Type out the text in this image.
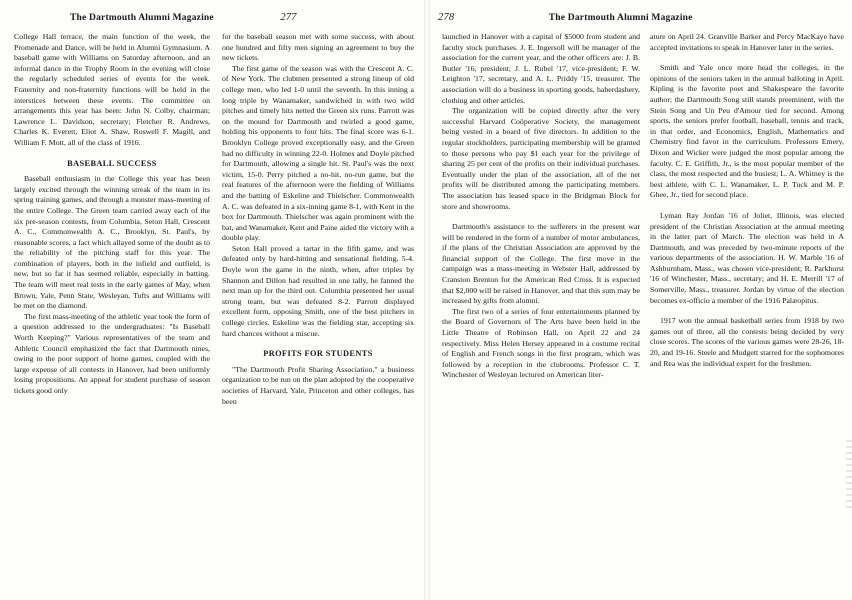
The Dartmouth Alumni Magazine	277

College Hall terrace, the main function of the week, the Promenade and Dance, will be held in Alumni Gymnasium. A baseball game with Williams on Saturday afternoon, and an informal dance in the Trophy Room in the evening will close the regularly scheduled series of events for the week. Fraternity and non-fraternity functions will be held in the interstices between these events. The committee on arrangements this year has been: John N. Colby, chairman; Lawrence L. Davidson, secretary; Fletcher R. Andrews, Charles K. Everett, Eliot A. Shaw, Roswell F. Magill, and William F. Mott, all of the class of 1916.

BASEBALL SUCCESS

Baseball enthusiasm in the College this year has been largely excited through the winning streak of the team in its spring training games, and through a monster mass-meeting of the entire College. The Green team carried away each of the six pre-season contests, from Columbia, Seton Hall, Crescent A. C., Commonwealth A. C., Brooklyn, St. Paul's, by reasonable scores, a fact which allayed some of the doubt as to the reliability of the pitching staff for this year. The combination of players, both in the infield and outfield, is new, but so far it has seemed reliable, especially in batting. The team will meet real tests in the early games of May, when Brown, Yale, Penn State, Wesleyan, Tufts and Williams will be met on the diamond.

The first mass-meeting of the athletic year took the form of a question addressed to the undergraduates: "Is Baseball Worth Keeping?" Various representatives of the team and Athletic Council emphasized the fact that Dartmouth nines, owing to the poor support of home games, coupled with the large expense of all contests in Hanover, had been uniformly losing propositions. An appeal for student purchase of season tickets good only

for the baseball season met with some success, with about one hundred and fifty men signing an agreement to buy the new tickets.

The first game of the season was with the Crescent A. C. of New York. The clubmen presented a strong lineup of old college men, who led 1-0 until the seventh. In this inning a long triple by Wanamaker, sandwiched in with two wild pitches and timely hits netted the Green six runs. Parrott was on the mound for Dartmouth and twirled a good game, holding his opponents to four hits. The final score was 6-1. Brooklyn College proved exceptionally easy, and the Green had no difficulty in winning 22-0. Holmes and Doyle pitched for Dartmouth, allowing a single hit. St. Paul's was the next victim, 15-0. Perry pitched a no-hit, no-run game, but the real features of the afternoon were the fielding of Williams and the batting of Eskeline and Thielscher. Commonwealth A. C. was defeated in a six-inning game 8-1, with Kent in the box for Dartmouth. Thielscher was again prominent with the bat, and Wanamaker, Kent and Paine aided the victory with a double play.

Seton Hall proved a tartar in the fifth game, and was defeated only by hard-hitting and sensational fielding, 5-4. Doyle won the game in the ninth, when, after triples by Shannon and Dillon had resulted in one tally, he fanned the next man up for the third out. Columbia presented her usual strong team, but was defeated 8-2. Parrott displayed excellent form, opposing Smith, one of the best pitchers in college circles. Eskeline was the fielding star, accepting six hard chances without a miscue.

PROFITS FOR STUDENTS

"The Dartmouth Profit Sharing Association," a business organization to be run on the plan adopted by the cooperative societies of Harvard, Yale, Princeton and other colleges, has been

278	The Dartmouth Alumni Magazine

launched in Hanover with a capital of $5000 from student and faculty stock purchases. J. E. Ingersoll will be manager of the association for the current year, and the other officers are: J. B. Butler '16, president; J. L. Rubel '17, vice-president; F. W. Leighton '17, secretary, and A. L. Priddy '15, treasurer. The association will do a business in sporting goods, haberdashery, clothing and other articles.

The organization will be copied directly after the very successful Harvard Coöperative Society, the management being vested in a board of five directors. In addition to the regular stockholders, participating membership will be granted to those persons who pay $1 each year for the privilege of sharing 25 per cent of the profits on their individual purchases. Eventually under the plan of the association, all of the net profits will be distributed among the participating members. The association has leased space in the Bridgman Block for store and showrooms.

Dartmouth's assistance to the sufferers in the present war will be rendered in the form of a number of motor ambulances, if the plans of the Christian Association are approved by the financial support of the College. The first move in the campaign was a mass-meeting in Webster Hall, addressed by Cranston Brenton for the American Red Cross. It is expected that $2,000 will be raised in Hanover, and that this sum may be increased by gifts from alumni.

The first two of a series of four entertainments planned by the Board of Governors of The Arts have been held in the Little Theatre of Robinson Hall, on April 22 and 24 respectively. Miss Helen Hersey appeared in a costume recital of English and French songs in the first program, which was followed by a reception in the clubrooms. Professor C. T. Winchester of Wesleyan lectured on American liter-

ature on April 24. Granville Barker and Percy MacKaye have accepted invitations to speak in Hanover later in the series.

Smith and Yale once more head the colleges, in the opinions of the seniors taken in the annual balloting in April. Kipling is the favorite poet and Shakespeare the favorite author; the Dartmouth Song still stands preeminent, with the Stein Song and Un Peu d'Amour tied for second. Among sports, the seniors prefer football, baseball, tennis and track, in that order, and Economics, English, Mathematics and Chemistry find favor in the curriculum. Professors Emery, Dixon and Wicker were judged the most popular among the faculty. C. E. Griffith, Jr., is the most popular member of the class, the most respected and the busiest; L. A. Whitney is the best athlete, with C. L. Wanamaker, L. P. Tuck and M. P. Ghee, Jr., tied for second place.

Lyman Ray Jordan '16 of Joliet, Illinois, was elected president of the Christian Association at the annual meeting in the latter part of March. The election was held in A Dartmouth, and was preceded by two-minute reports of the various departments of the association. H. W. Marble '16 of Ashburnham, Mass., was chosen vice-president; R. Parkhurst '16 of Winchester, Mass., secretary; and H. E. Merrill '17 of Somerville, Mass., treasurer. Jordan by virtue of the election becomes ex-officio a member of the 1916 Palæopitus.

1917 won the annual basketball series from 1918 by two games out of three, all the contests being decided by very close scores. The scores of the various games were 28-26, 18-20, and 19-16. Steele and Mudgett starred for the sophomores and Rea was the individual expert for the freshmen.
